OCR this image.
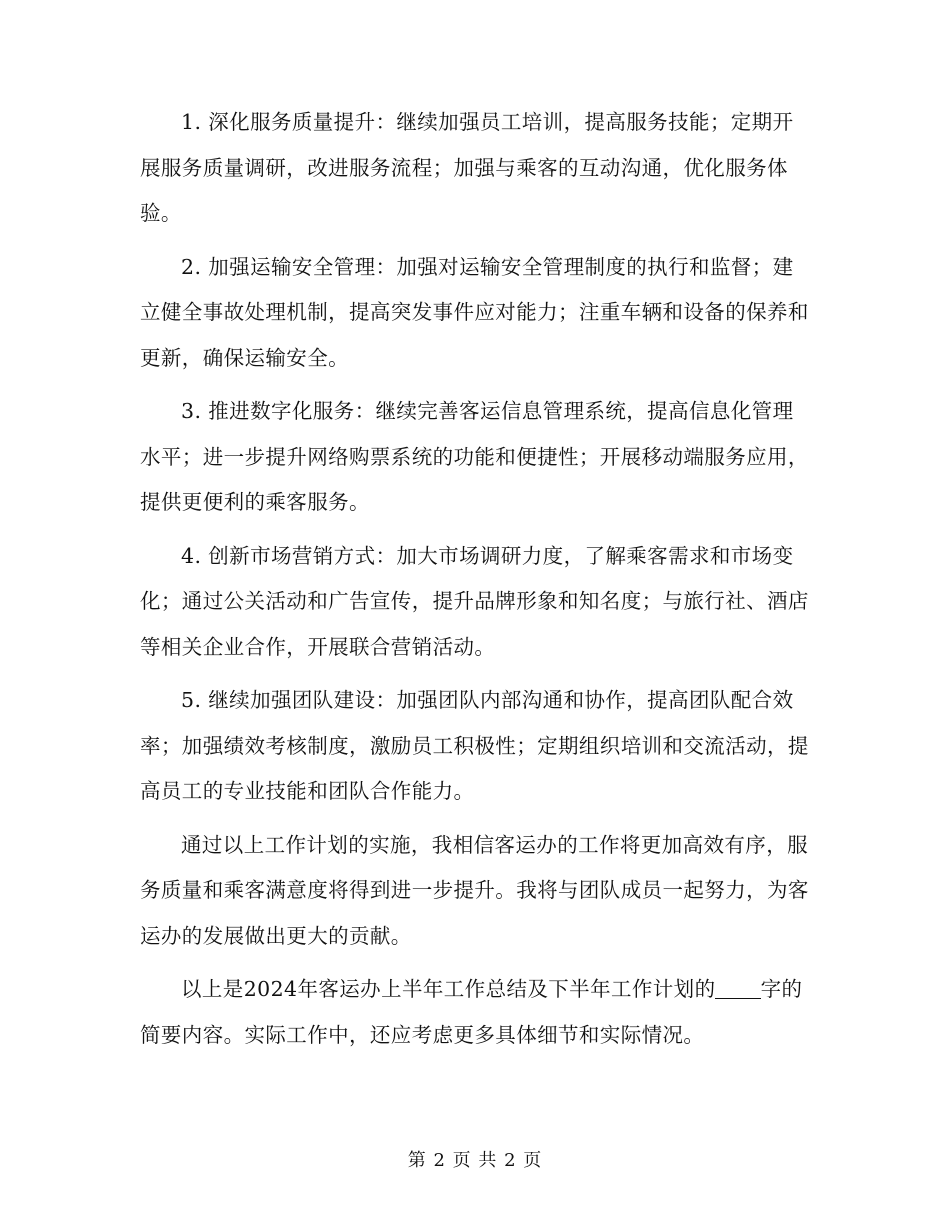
1. 深化服务质量提升：继续加强员工培训，提高服务技能；定期开展服务质量调研，改进服务流程；加强与乘客的互动沟通，优化服务体验。

2. 加强运输安全管理：加强对运输安全管理制度的执行和监督；建立健全事故处理机制，提高突发事件应对能力；注重车辆和设备的保养和更新，确保运输安全。

3. 推进数字化服务：继续完善客运信息管理系统，提高信息化管理水平；进一步提升网络购票系统的功能和便捷性；开展移动端服务应用，提供更便利的乘客服务。

4. 创新市场营销方式：加大市场调研力度，了解乘客需求和市场变化；通过公关活动和广告宣传，提升品牌形象和知名度；与旅行社、酒店等相关企业合作，开展联合营销活动。

5. 继续加强团队建设：加强团队内部沟通和协作，提高团队配合效率；加强绩效考核制度，激励员工积极性；定期组织培训和交流活动，提高员工的专业技能和团队合作能力。

通过以上工作计划的实施，我相信客运办的工作将更加高效有序，服务质量和乘客满意度将得到进一步提升。我将与团队成员一起努力，为客运办的发展做出更大的贡献。

以上是2024年客运办上半年工作总结及下半年工作计划的 字的简要内容。实际工作中，还应考虑更多具体细节和实际情况。

第 2 页 共 2 页
